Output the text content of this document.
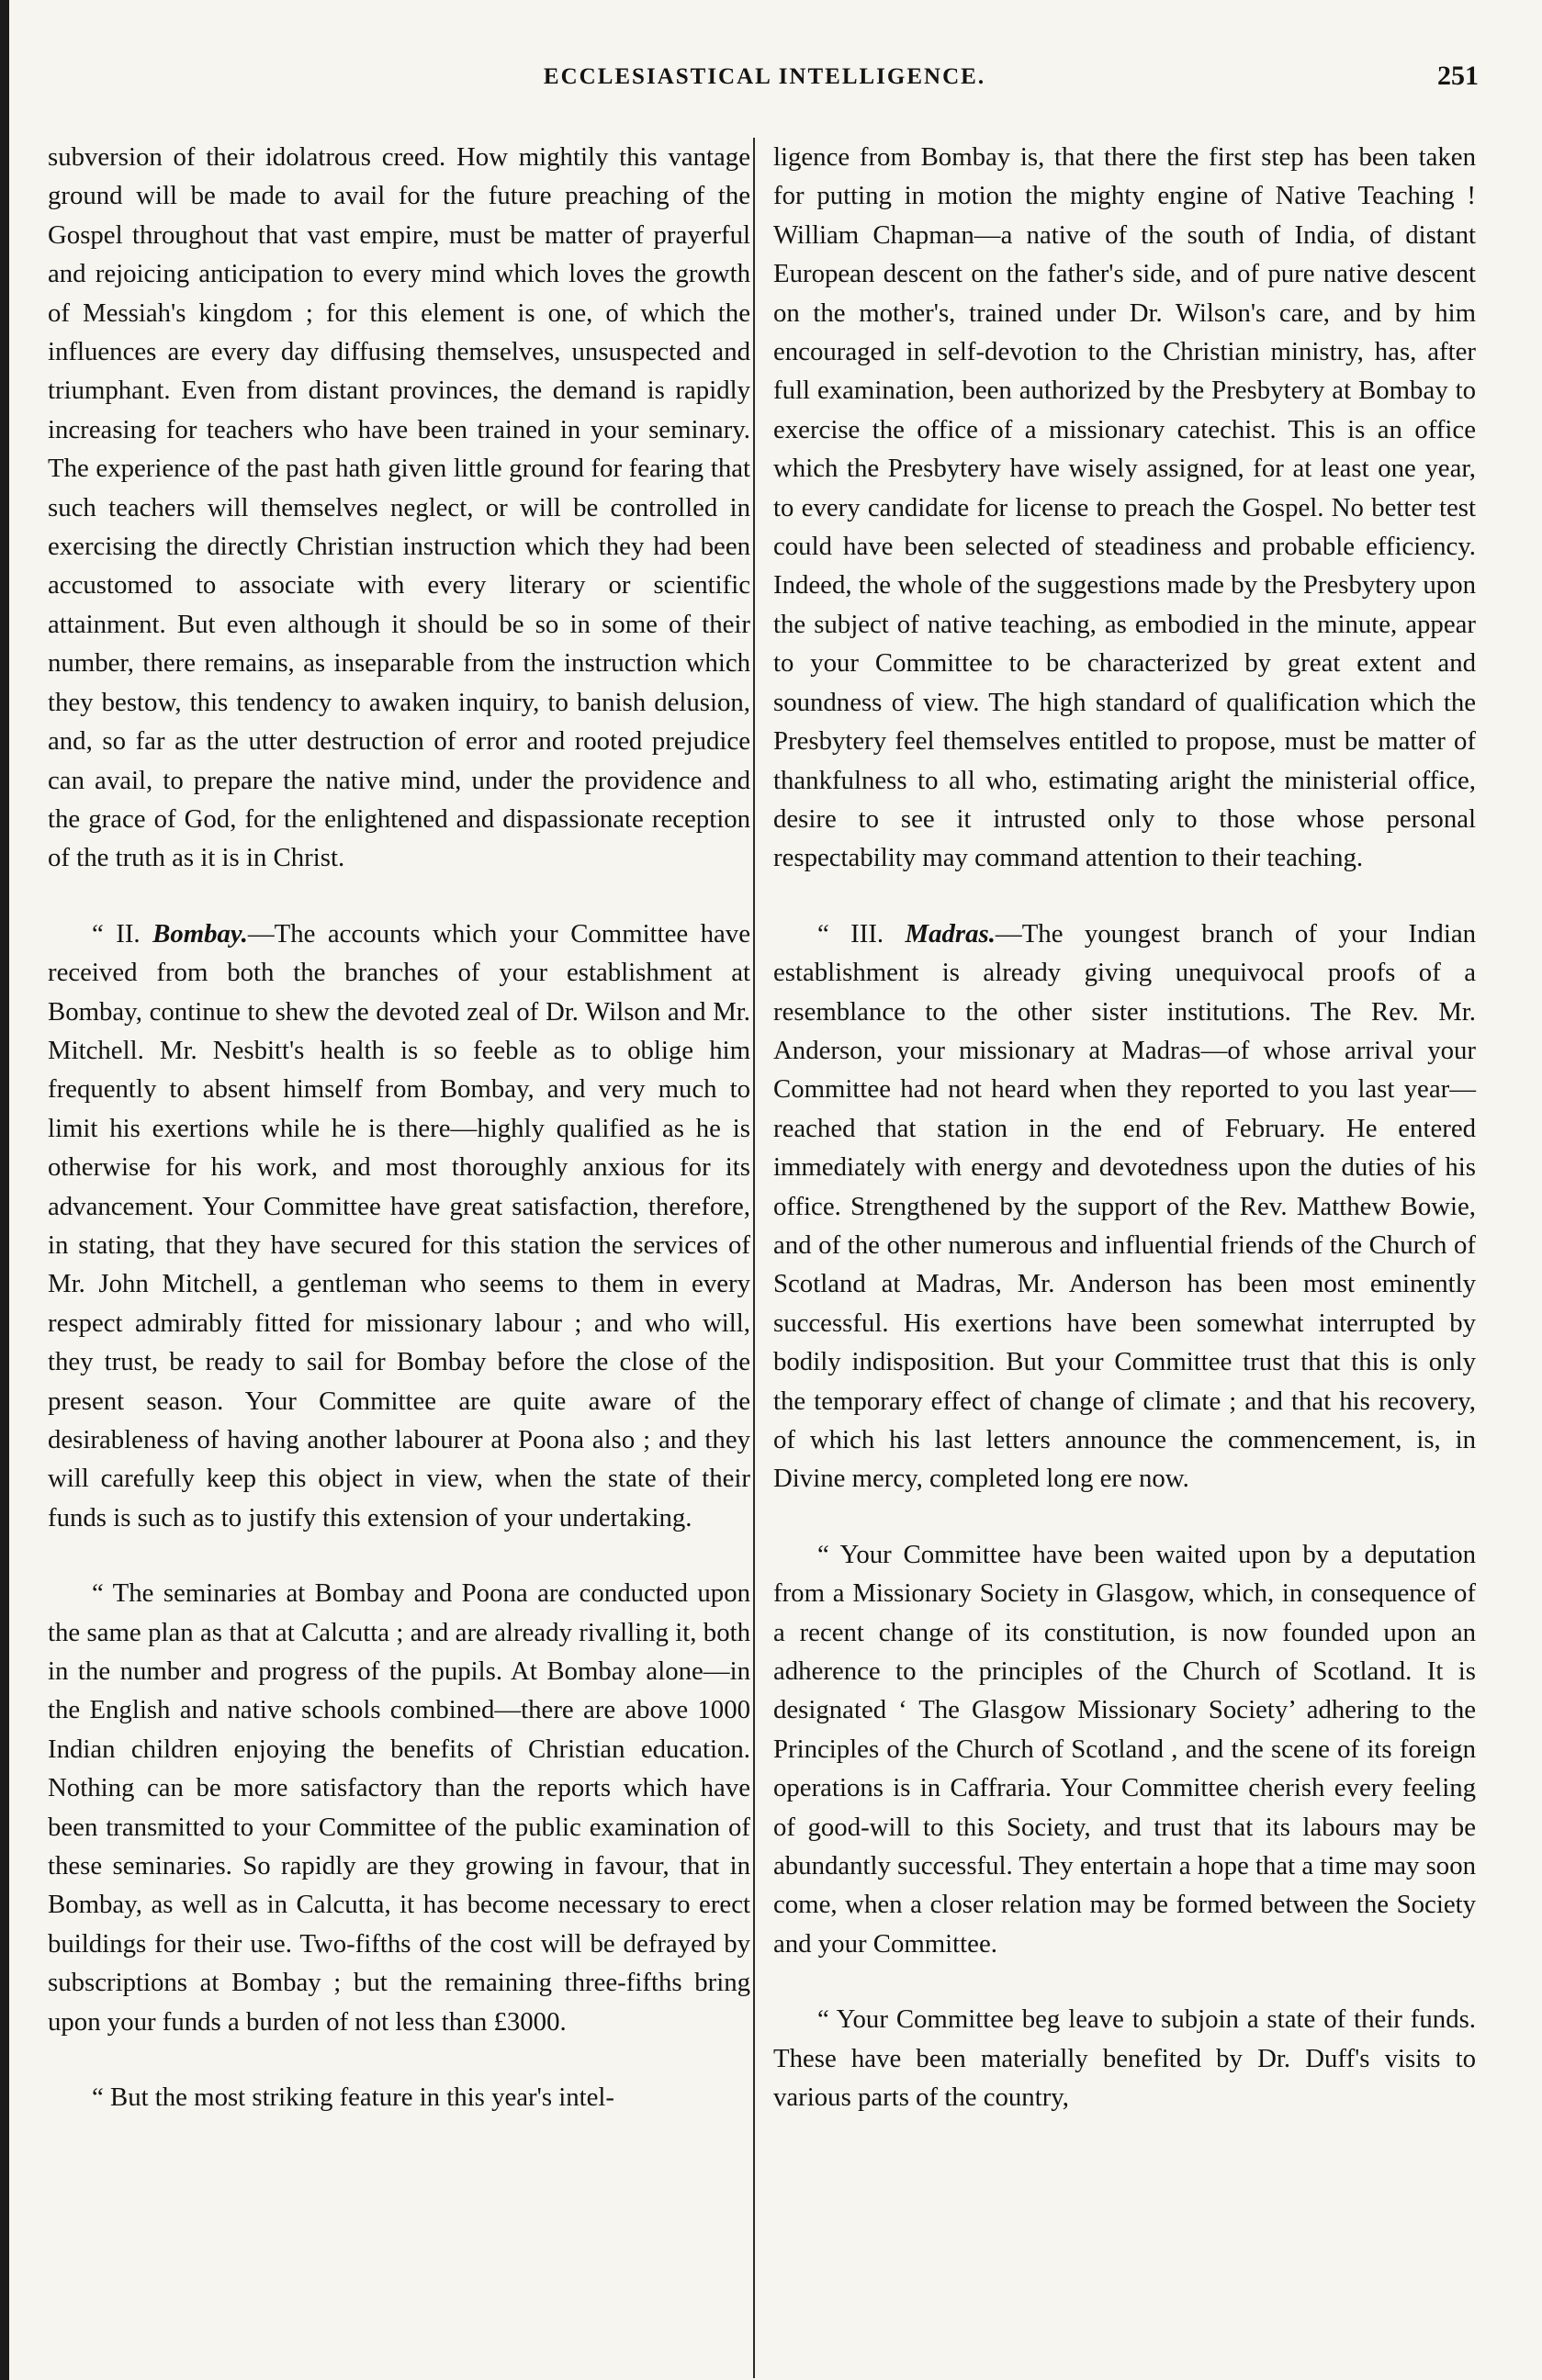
ECCLESIASTICAL INTELLIGENCE.	251

subversion of their idolatrous creed. How mightily this vantage ground will be made to avail for the future preaching of the Gospel throughout that vast empire, must be matter of prayerful and rejoicing anticipation to every mind which loves the growth of Messiah's kingdom ; for this element is one, of which the influences are every day diffusing themselves, unsuspected and triumphant. Even from distant provinces, the demand is rapidly increasing for teachers who have been trained in your seminary. The experience of the past hath given little ground for fearing that such teachers will themselves neglect, or will be controlled in exercising the directly Christian instruction which they had been accustomed to associate with every literary or scientific attainment. But even although it should be so in some of their number, there remains, as inseparable from the instruction which they bestow, this tendency to awaken inquiry, to banish delusion, and, so far as the utter destruction of error and rooted prejudice can avail, to prepare the native mind, under the providence and the grace of God, for the enlightened and dispassionate reception of the truth as it is in Christ.

“ II. Bombay.—The accounts which your Committee have received from both the branches of your establishment at Bombay, continue to shew the devoted zeal of Dr. Wilson and Mr. Mitchell. Mr. Nesbitt's health is so feeble as to oblige him frequently to absent himself from Bombay, and very much to limit his exertions while he is there—highly qualified as he is otherwise for his work, and most thoroughly anxious for its advancement. Your Committee have great satisfaction, therefore, in stating, that they have secured for this station the services of Mr. John Mitchell, a gentleman who seems to them in every respect admirably fitted for missionary labour ; and who will, they trust, be ready to sail for Bombay before the close of the present season. Your Committee are quite aware of the desirableness of having another labourer at Poona also ; and they will carefully keep this object in view, when the state of their funds is such as to justify this extension of your undertaking.

“ The seminaries at Bombay and Poona are conducted upon the same plan as that at Calcutta ; and are already rivalling it, both in the number and progress of the pupils. At Bombay alone—in the English and native schools combined—there are above 1000 Indian children enjoying the benefits of Christian education. Nothing can be more satisfactory than the reports which have been transmitted to your Committee of the public examination of these seminaries. So rapidly are they growing in favour, that in Bombay, as well as in Calcutta, it has become necessary to erect buildings for their use. Two-fifths of the cost will be defrayed by subscriptions at Bombay ; but the remaining three-fifths bring upon your funds a burden of not less than £3000.

“ But the most striking feature in this year's intel-

ligence from Bombay is, that there the first step has been taken for putting in motion the mighty engine of Native Teaching ! William Chapman—a native of the south of India, of distant European descent on the father's side, and of pure native descent on the mother's, trained under Dr. Wilson's care, and by him encouraged in self-devotion to the Christian ministry, has, after full examination, been authorized by the Presbytery at Bombay to exercise the office of a missionary catechist. This is an office which the Presbytery have wisely assigned, for at least one year, to every candidate for license to preach the Gospel. No better test could have been selected of steadiness and probable efficiency. Indeed, the whole of the suggestions made by the Presbytery upon the subject of native teaching, as embodied in the minute, appear to your Committee to be characterized by great extent and soundness of view. The high standard of qualification which the Presbytery feel themselves entitled to propose, must be matter of thankfulness to all who, estimating aright the ministerial office, desire to see it intrusted only to those whose personal respectability may command attention to their teaching.

“ III. Madras.—The youngest branch of your Indian establishment is already giving unequivocal proofs of a resemblance to the other sister institutions. The Rev. Mr. Anderson, your missionary at Madras—of whose arrival your Committee had not heard when they reported to you last year—reached that station in the end of February. He entered immediately with energy and devotedness upon the duties of his office. Strengthened by the support of the Rev. Matthew Bowie, and of the other numerous and influential friends of the Church of Scotland at Madras, Mr. Anderson has been most eminently successful. His exertions have been somewhat interrupted by bodily indisposition. But your Committee trust that this is only the temporary effect of change of climate ; and that his recovery, of which his last letters announce the commencement, is, in Divine mercy, completed long ere now.

“ Your Committee have been waited upon by a deputation from a Missionary Society in Glasgow, which, in consequence of a recent change of its constitution, is now founded upon an adherence to the principles of the Church of Scotland. It is designated ‘ The Glasgow Missionary Society’ adhering to the Principles of the Church of Scotland , and the scene of its foreign operations is in Caffraria. Your Committee cherish every feeling of good-will to this Society, and trust that its labours may be abundantly successful. They entertain a hope that a time may soon come, when a closer relation may be formed between the Society and your Committee.

“ Your Committee beg leave to subjoin a state of their funds. These have been materially benefited by Dr. Duff's visits to various parts of the country,
